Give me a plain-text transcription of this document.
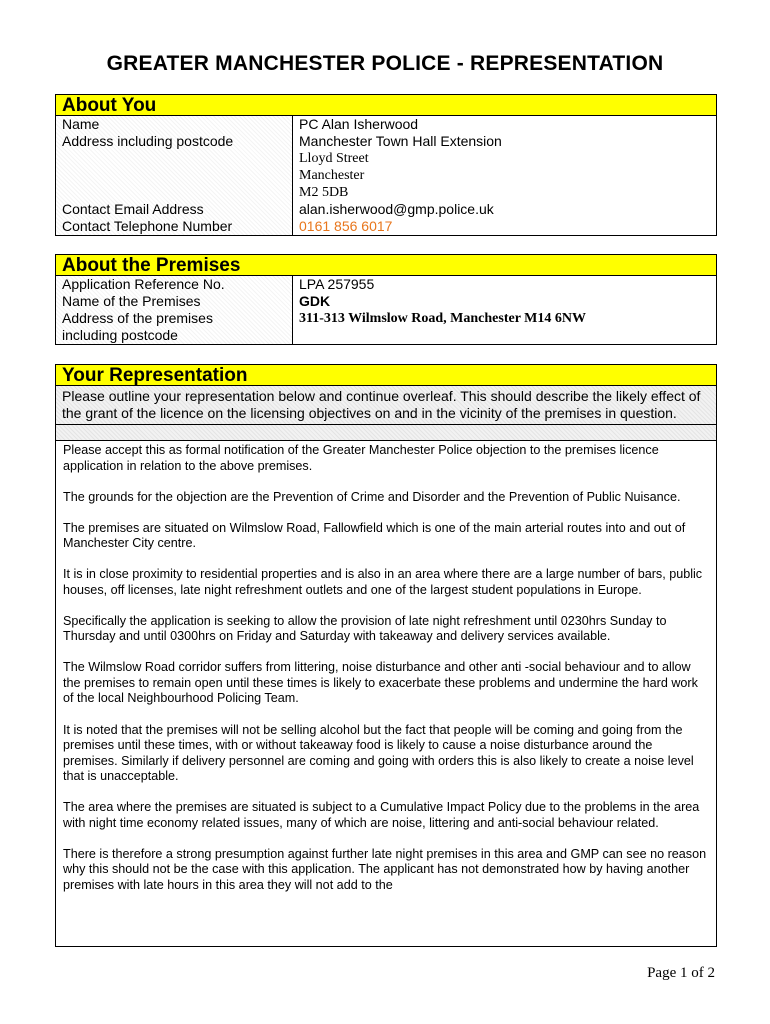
GREATER MANCHESTER POLICE - REPRESENTATION
About You
Name
Address including postcode
Contact Email Address
Contact Telephone Number
PC Alan Isherwood
Manchester Town Hall Extension
Lloyd Street
Manchester
M2 5DB
alan.isherwood@gmp.police.uk
0161 856 6017
About the Premises
Application Reference No.
Name of the Premises
Address of the premises
including postcode
LPA 257955
GDK
311-313 Wilmslow Road, Manchester M14 6NW
Your Representation
Please outline your representation below and continue overleaf. This should describe the likely effect of the grant of the licence on the licensing objectives on and in the vicinity of the premises in question.

Please accept this as formal notification of the Greater Manchester Police objection to the premises licence application in relation to the above premises.

The grounds for the objection are the Prevention of Crime and Disorder and the Prevention of Public Nuisance.

The premises are situated on Wilmslow Road, Fallowfield which is one of the main arterial routes into and out of Manchester City centre.

It is in close proximity to residential properties and is also in an area where there are a large number of bars, public houses, off licenses, late night refreshment outlets and one of the largest student populations in Europe.

Specifically the application is seeking to allow the provision of late night refreshment until 0230hrs Sunday to Thursday and until 0300hrs on Friday and Saturday with takeaway and delivery services available.

The Wilmslow Road corridor suffers from littering, noise disturbance and other anti -social behaviour and to allow the premises to remain open until these times is likely to exacerbate these problems and undermine the hard work of the local Neighbourhood Policing Team.

It is noted that the premises will not be selling alcohol but the fact that people will be coming and going from the premises until these times, with or without takeaway food is likely to cause a noise disturbance around the premises. Similarly if delivery personnel are coming and going with orders this is also likely to create a noise level that is unacceptable.

The area where the premises are situated is subject to a Cumulative Impact Policy due to the problems in the area with night time economy related issues, many of which are noise, littering and anti-social behaviour related.

There is therefore a strong presumption against further late night premises in this area and GMP can see no reason why this should not be the case with this application. The applicant has not demonstrated how by having another premises with late hours in this area they will not add to the

Page 1 of 2
